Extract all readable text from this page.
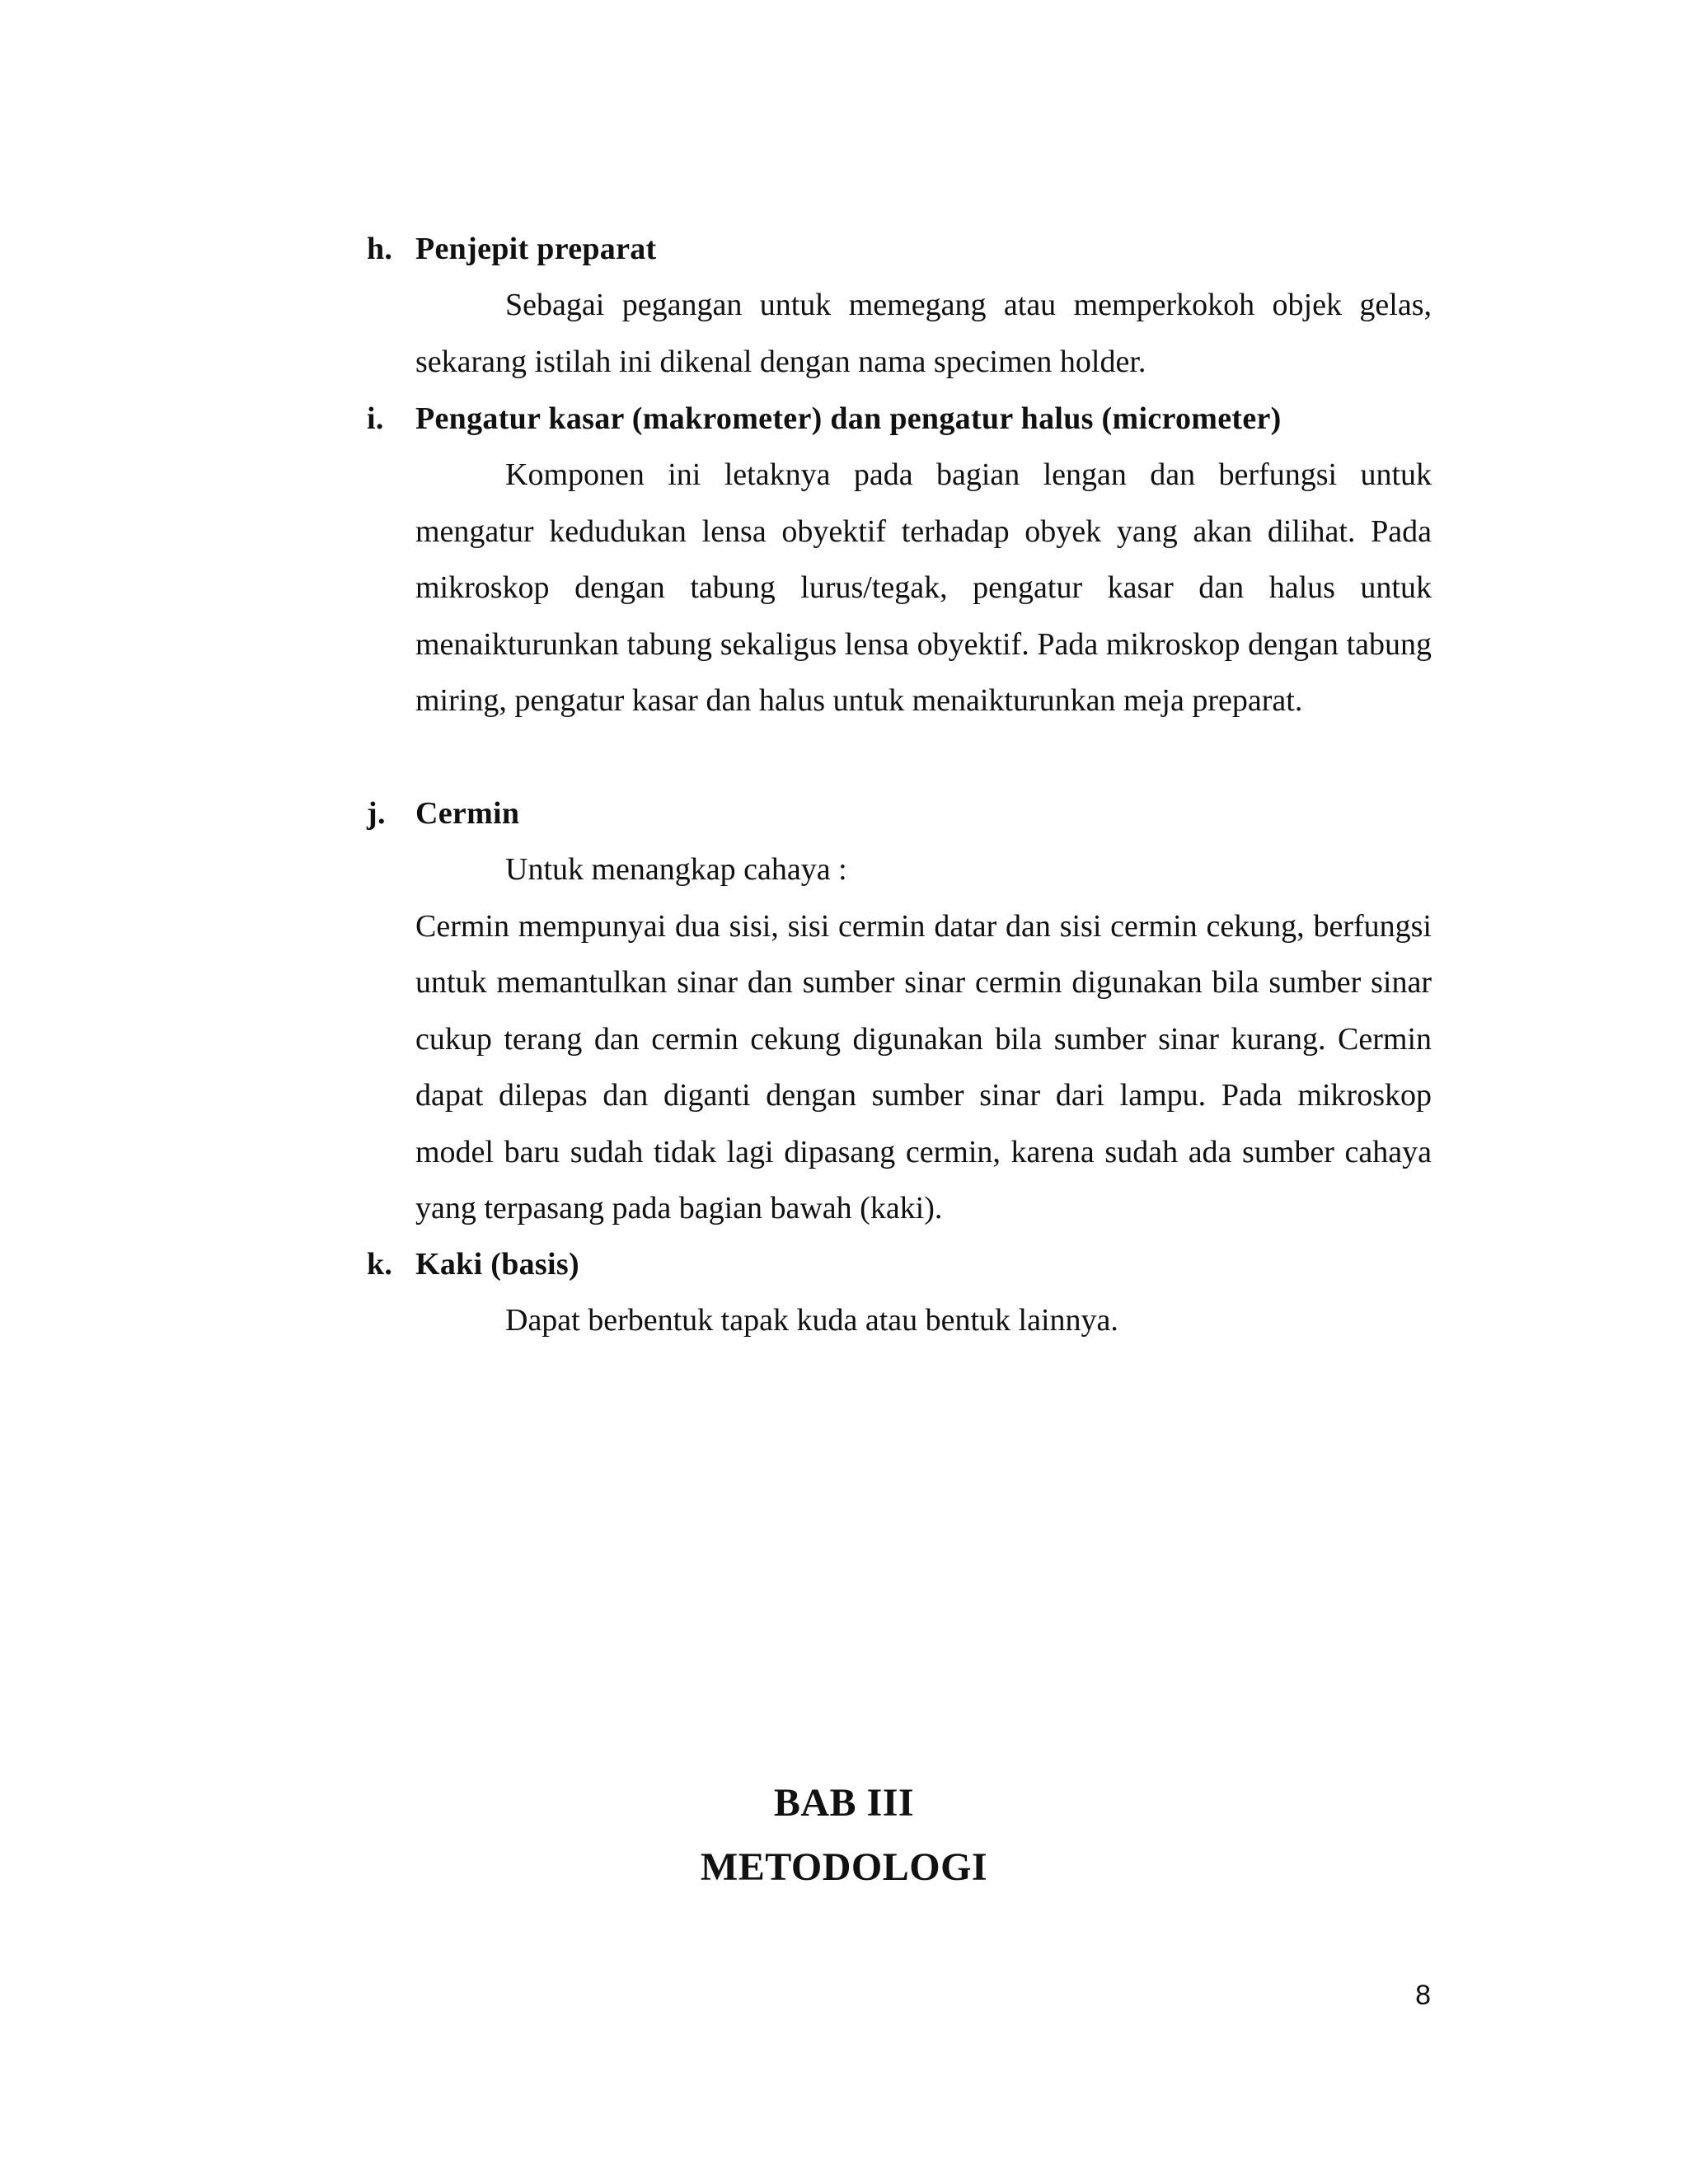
h. Penjepit preparat

Sebagai pegangan untuk memegang atau memperkokoh objek gelas, sekarang istilah ini dikenal dengan nama specimen holder.

i. Pengatur kasar (makrometer) dan pengatur halus (micrometer)

Komponen ini letaknya pada bagian lengan dan berfungsi untuk mengatur kedudukan lensa obyektif terhadap obyek yang akan dilihat. Pada mikroskop dengan tabung lurus/tegak, pengatur kasar dan halus untuk menaikturunkan tabung sekaligus lensa obyektif. Pada mikroskop dengan tabung miring, pengatur kasar dan halus untuk menaikturunkan meja preparat.

j. Cermin

Untuk menangkap cahaya :

Cermin mempunyai dua sisi, sisi cermin datar dan sisi cermin cekung, berfungsi untuk memantulkan sinar dan sumber sinar cermin digunakan bila sumber sinar cukup terang dan cermin cekung digunakan bila sumber sinar kurang. Cermin dapat dilepas dan diganti dengan sumber sinar dari lampu. Pada mikroskop model baru sudah tidak lagi dipasang cermin, karena sudah ada sumber cahaya yang terpasang pada bagian bawah (kaki).

k. Kaki (basis)

Dapat berbentuk tapak kuda atau bentuk lainnya.

BAB III
METODOLOGI
8
